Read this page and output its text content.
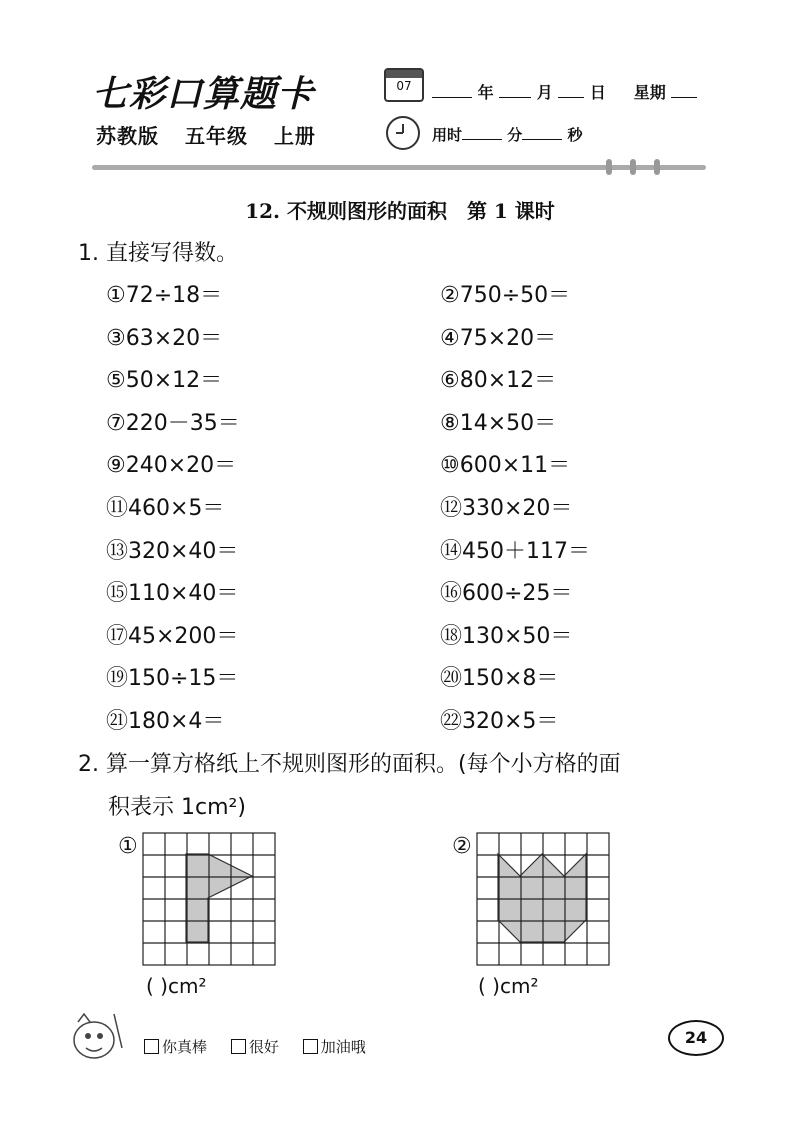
七彩口算题卡
苏教版 五年级 上册
07	年	月 日 星期
用时	分	秒
12. 不规则图形的面积　第 1 课时
1. 直接写得数。
①72÷18＝	②750÷50＝
③63×20＝	④75×20＝
⑤50×12＝	⑥80×12＝
⑦220－35＝	⑧14×50＝
⑨240×20＝	⑩600×11＝
⑪460×5＝	⑫330×20＝
⑬320×40＝	⑭450＋117＝
⑮110×40＝	⑯600÷25＝
⑰45×200＝	⑱130×50＝
⑲150÷15＝	⑳150×8＝
㉑180×4＝	㉒320×5＝
2. 算一算方格纸上不规则图形的面积。(每个小方格的面
积表示 1cm²)
①	②
( )cm²	( )cm²
你真棒	很好	加油哦	24
